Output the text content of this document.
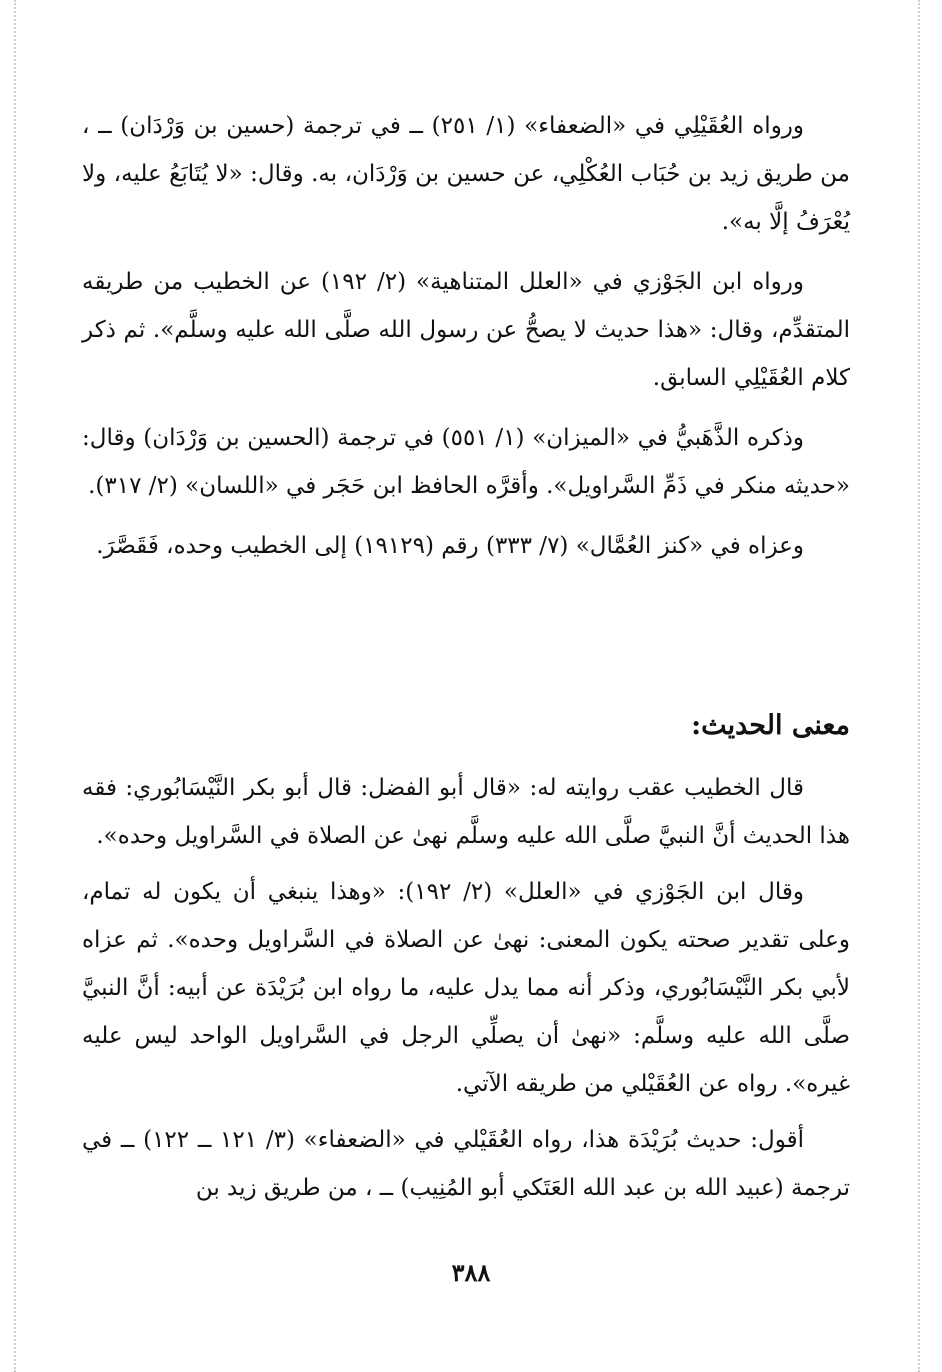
ورواه العُقَيْلِي في «الضعفاء» (١/ ٢٥١) ــ في ترجمة (حسين بن وَرْدَان) ــ ، من طريق زيد بن حُبَاب العُكْلِي، عن حسين بن وَرْدَان، به. وقال: «لا يُتَابَعُ عليه، ولا يُعْرَفُ إلَّا به».

ورواه ابن الجَوْزي في «العلل المتناهية» (٢/ ١٩٢) عن الخطيب من طريقه المتقدِّم، وقال: «هذا حديث لا يصحُّ عن رسول الله صلَّى الله عليه وسلَّم». ثم ذكر كلام العُقَيْلِي السابق.

وذكره الذَّهَبيُّ في «الميزان» (١/ ٥٥١) في ترجمة (الحسين بن وَرْدَان) وقال: «حديثه منكر في ذَمِّ السَّراويل». وأقرَّه الحافظ ابن حَجَر في «اللسان» (٢/ ٣١٧).

وعزاه في «كنز العُمَّال» (٧/ ٣٣٣) رقم (١٩١٢٩) إلى الخطيب وحده، فَقَصَّرَ.

معنى الحديث:

قال الخطيب عقب روايته له: «قال أبو الفضل: قال أبو بكر النَّيْسَابُوري: فقه هذا الحديث أنَّ النبيَّ صلَّى الله عليه وسلَّم نهىٰ عن الصلاة في السَّراويل وحده».

وقال ابن الجَوْزي في «العلل» (٢/ ١٩٢): «وهذا ينبغي أن يكون له تمام، وعلى تقدير صحته يكون المعنى: نهىٰ عن الصلاة في السَّراويل وحده». ثم عزاه لأبي بكر النَّيْسَابُوري، وذكر أنه مما يدل عليه، ما رواه ابن بُرَيْدَة عن أبيه: أنَّ النبيَّ صلَّى الله عليه وسلَّم: «نهىٰ أن يصلِّي الرجل في السَّراويل الواحد ليس عليه غيره». رواه عن العُقَيْلي من طريقه الآتي.

أقول: حديث بُرَيْدَة هذا، رواه العُقَيْلي في «الضعفاء» (٣/ ١٢١ ــ ١٢٢) ــ في ترجمة (عبيد الله بن عبد الله العَتَكي أبو المُنِيب) ــ ، من طريق زيد بن

٣٨٨
